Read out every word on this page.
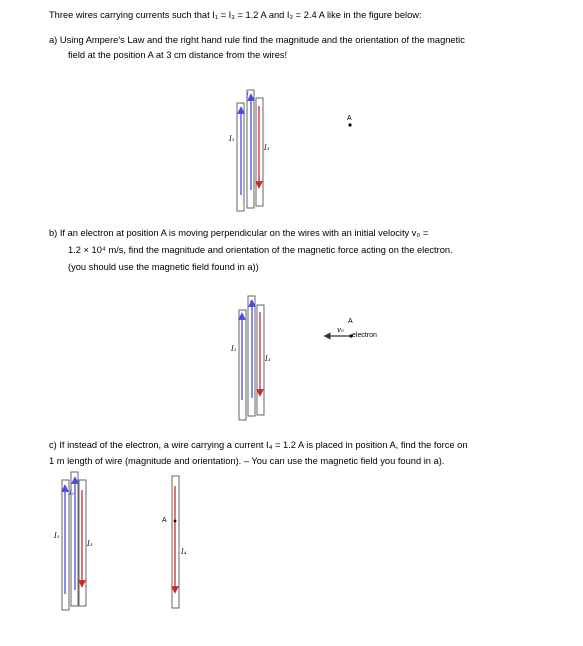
Three wires carrying currents such that I₁ = I₃ = 1.2 A and I₂ = 2.4 A like in the figure below:
a) Using Ampere’s Law and the right hand rule find the magnitude and the orientation of the magnetic
field at the position A at 3 cm distance from the wires!
b) If an electron at position A is moving perpendicular on the wires with an initial velocity v₀ =
1.2 × 10⁴ m/s, find the magnitude and orientation of the magnetic force acting on the electron.
(you should use the magnetic field found in a))
c) If instead of the electron, a wire carrying a current I₄ = 1.2 A is placed in position A, find the force on
1 m length of wire (magnitude and orientation). – You can use the magnetic field you found in a).
I₁
I₂
I₃
A
I₁
I₂
I₃
A
v₀
electron
I₁
I₂
I₃
A
I₄
